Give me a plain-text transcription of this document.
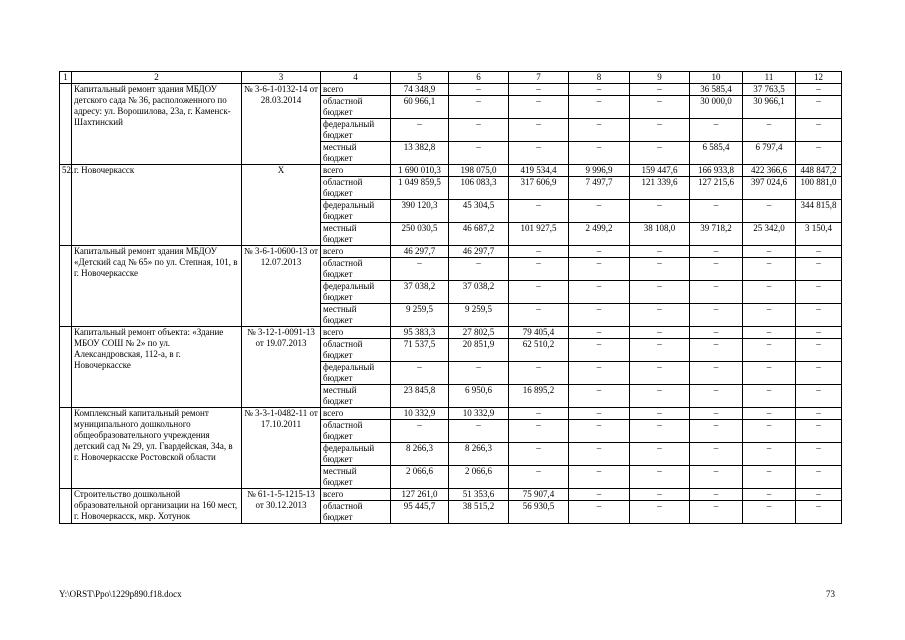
1	2	3	4	5	6	7	8	9	10	11	12
	Капитальный ремонт здания МБДОУ детского сада № 36, расположенного по адресу: ул. Ворошилова, 23а, г. Каменск-Шахтинский	№ 3-6-1-0132-14 от 28.03.2014	всего	74 348,9	–	–	–	–	36 585,4	37 763,5	–
			областной бюджет	60 966,1	–	–	–	–	30 000,0	30 966,1	–
			федеральный бюджет	–	–	–	–	–	–	–	–
			местный бюджет	13 382,8	–	–	–	–	6 585,4	6 797,4	–
52.	г. Новочеркасск	X	всего	1 690 010,3	198 075,0	419 534,4	9 996,9	159 447,6	166 933,8	422 366,6	448 847,2
			областной бюджет	1 049 859,5	106 083,3	317 606,9	7 497,7	121 339,6	127 215,6	397 024,6	100 881,0
			федеральный бюджет	390 120,3	45 304,5	–	–	–	–	–	344 815,8
			местный бюджет	250 030,5	46 687,2	101 927,5	2 499,2	38 108,0	39 718,2	25 342,0	3 150,4
	Капитальный ремонт здания МБДОУ «Детский сад № 65» по ул. Степная, 101, в г. Новочеркасске	№ 3-6-1-0600-13 от 12.07.2013	всего	46 297,7	46 297,7	–	–	–	–	–	–
			областной бюджет	–	–	–	–	–	–	–	–
			федеральный бюджет	37 038,2	37 038,2	–	–	–	–	–	–
			местный бюджет	9 259,5	9 259,5	–	–	–	–	–	–
	Капитальный ремонт объекта: «Здание МБОУ СОШ № 2» по ул. Александровская, 112-а, в г. Новочеркасске	№ 3-12-1-0091-13 от 19.07.2013	всего	95 383,3	27 802,5	79 405,4	–	–	–	–	–
			областной бюджет	71 537,5	20 851,9	62 510,2	–	–	–	–	–
			федеральный бюджет	–	–	–	–	–	–	–	–
			местный бюджет	23 845,8	6 950,6	16 895,2	–	–	–	–	–
	Комплексный капитальный ремонт муниципального дошкольного общеобразовательного учреждения детский сад № 29, ул. Гвардейская, 34а, в г. Новочеркасске Ростовской области	№ 3-3-1-0482-11 от 17.10.2011	всего	10 332,9	10 332,9	–	–	–	–	–	–
			областной бюджет	–	–	–	–	–	–	–	–
			федеральный бюджет	8 266,3	8 266,3	–	–	–	–	–	–
			местный бюджет	2 066,6	2 066,6	–	–	–	–	–	–
	Строительство дошкольной образовательной организации на 160 мест, г. Новочеркасск, мкр. Хотунок	№ 61-1-5-1215-13 от 30.12.2013	всего	127 261,0	51 353,6	75 907,4	–	–	–	–	–
			областной бюджет	95 445,7	38 515,2	56 930,5	–	–	–	–	–
Y:\ORST\Ppo\1229p890.f18.docx	73
